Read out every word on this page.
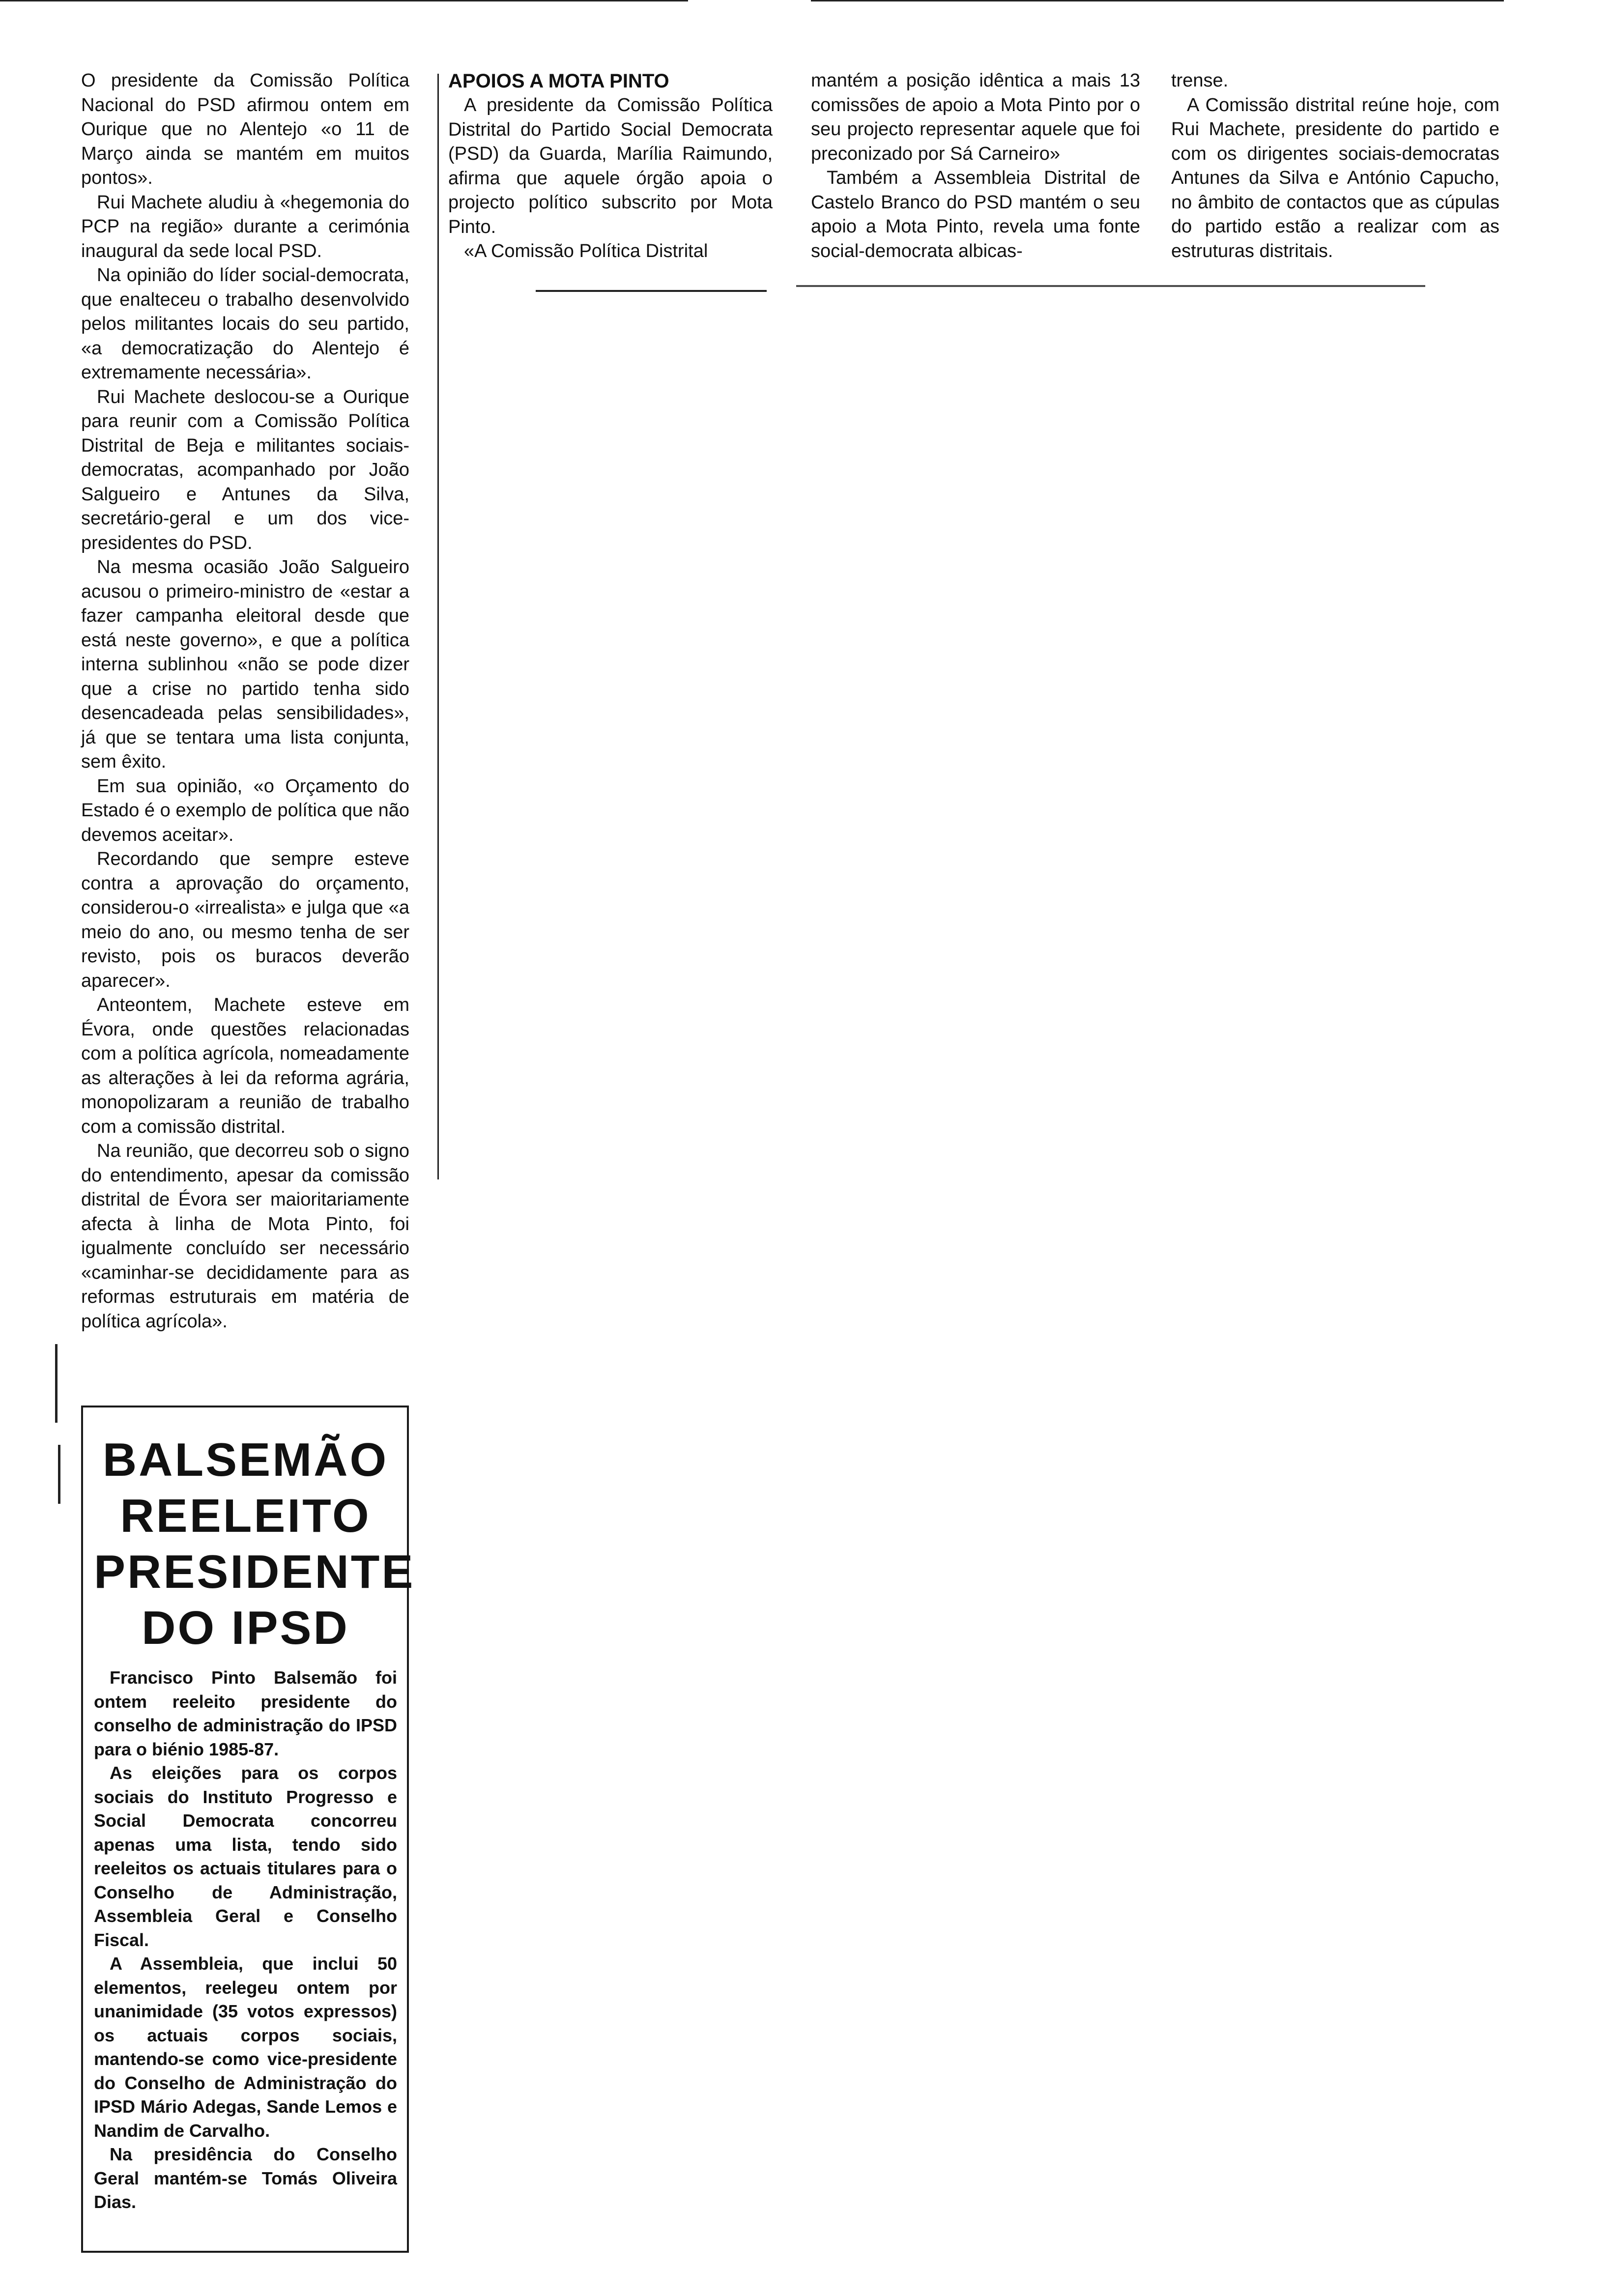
O presidente da Comissão Política Nacional do PSD afirmou ontem em Ourique que no Alentejo «o 11 de Março ainda se mantém em muitos pontos».

Rui Machete aludiu à «hegemonia do PCP na região» durante a cerimónia inaugural da sede local PSD.

Na opinião do líder social-democrata, que enalteceu o trabalho desenvolvido pelos militantes locais do seu partido, «a democratização do Alentejo é extremamente necessária».

Rui Machete deslocou-se a Ourique para reunir com a Comissão Política Distrital de Beja e militantes sociais-democratas, acompanhado por João Salgueiro e Antunes da Silva, secretário-geral e um dos vice-presidentes do PSD.

Na mesma ocasião João Salgueiro acusou o primeiro-ministro de «estar a fazer campanha eleitoral desde que está neste governo», e que a política interna sublinhou «não se pode dizer que a crise no partido tenha sido desencadeada pelas sensibilidades», já que se tentara uma lista conjunta, sem êxito.

Em sua opinião, «o Orçamento do Estado é o exemplo de política que não devemos aceitar».

Recordando que sempre esteve contra a aprovação do orçamento, considerou-o «irrealista» e julga que «a meio do ano, ou mesmo tenha de ser revisto, pois os buracos deverão aparecer».

Anteontem, Machete esteve em Évora, onde questões relacionadas com a política agrícola, nomeadamente as alterações à lei da reforma agrária, monopolizaram a reunião de trabalho com a comissão distrital.

Na reunião, que decorreu sob o signo do entendimento, apesar da comissão distrital de Évora ser maioritariamente afecta à linha de Mota Pinto, foi igualmente concluído ser necessário «caminhar-se decididamente para as reformas estruturais em matéria de política agrícola».

APOIOS A MOTA PINTO

A presidente da Comissão Política Distrital do Partido Social Democrata (PSD) da Guarda, Marília Raimundo, afirma que aquele órgão apoia o projecto político subscrito por Mota Pinto.

«A Comissão Política Distrital

mantém a posição idêntica a mais 13 comissões de apoio a Mota Pinto por o seu projecto representar aquele que foi preconizado por Sá Carneiro»

Também a Assembleia Distrital de Castelo Branco do PSD mantém o seu apoio a Mota Pinto, revela uma fonte social-democrata albicas-

trense.

A Comissão distrital reúne hoje, com Rui Machete, presidente do partido e com os dirigentes sociais-democratas Antunes da Silva e António Capucho, no âmbito de contactos que as cúpulas do partido estão a realizar com as estruturas distritais.

BALSEMÃO
REELEITO
PRESIDENTE
DO IPSD

Francisco Pinto Balsemão foi ontem reeleito presidente do conselho de administração do IPSD para o biénio 1985-87.

As eleições para os corpos sociais do Instituto Progresso e Social Democrata concorreu apenas uma lista, tendo sido reeleitos os actuais titulares para o Conselho de Administração, Assembleia Geral e Conselho Fiscal.

A Assembleia, que inclui 50 elementos, reelegeu ontem por unanimidade (35 votos expressos) os actuais corpos sociais, mantendo-se como vice-presidente do Conselho de Administração do IPSD Mário Adegas, Sande Lemos e Nandim de Carvalho.

Na presidência do Conselho Geral mantém-se Tomás Oliveira Dias.
